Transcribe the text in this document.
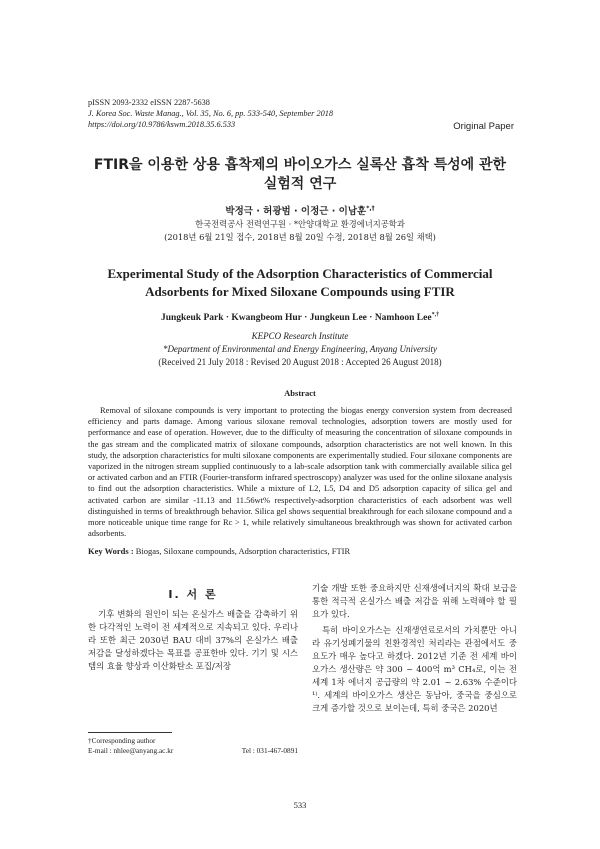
pISSN 2093-2332 eISSN 2287-5638
J. Korea Soc. Waste Manag., Vol. 35, No. 6, pp. 533-540, September 2018
https://doi.org/10.9786/kswm.2018.35.6.533	Original Paper
FTIR을 이용한 상용 흡착제의 바이오가스 실록산 흡착 특성에 관한
실험적 연구
박정극 · 허광범 · 이정근 · 이남훈*,†
한국전력공사 전력연구원 · *안양대학교 환경에너지공학과
(2018년 6월 21일 접수, 2018년 8월 20일 수정, 2018년 8월 26일 채택)
Experimental Study of the Adsorption Characteristics of Commercial
Adsorbents for Mixed Siloxane Compounds using FTIR
Jungkeuk Park · Kwangbeom Hur · Jungkeun Lee · Namhoon Lee*,†
KEPCO Research Institute
*Department of Environmental and Energy Engineering, Anyang University
(Received 21 July 2018 : Revised 20 August 2018 : Accepted 26 August 2018)
Abstract
Removal of siloxane compounds is very important to protecting the biogas energy conversion system from decreased efficiency and parts damage. Among various siloxane removal technologies, adsorption towers are mostly used for performance and ease of operation. However, due to the difficulty of measuring the concentration of siloxane compounds in the gas stream and the complicated matrix of siloxane compounds, adsorption characteristics are not well known. In this study, the adsorption characteristics for multi siloxane components are experimentally studied. Four siloxane components are vaporized in the nitrogen stream supplied continuously to a lab-scale adsorption tank with commercially available silica gel or activated carbon and an FTIR (Fourier-transform infrared spectroscopy) analyzer was used for the online siloxane analysis to find out the adsorption characteristics. While a mixture of L2, L5, D4 and D5 adsorption capacity of silica gel and activated carbon are similar -11.13 and 11.56wt% respectively-adsorption characteristics of each adsorbent was well distinguished in terms of breakthrough behavior. Silica gel shows sequential breakthrough for each siloxane compound and a more noticeable unique time range for Rc > 1, while relatively simultaneous breakthrough was shown for activated carbon adsorbents.
Key Words : Biogas, Siloxane compounds, Adsorption characteristics, FTIR
I. 서 론

기후 변화의 원인이 되는 온실가스 배출을 감축하기 위한 다각적인 노력이 전 세계적으로 지속되고 있다. 우리나라 또한 최근 2030년 BAU 대비 37%의 온실가스 배출 저감을 달성하겠다는 목표를 공표한바 있다. 기기 및 시스템의 효율 향상과 이산화탄소 포집/저장

기술 개발 또한 중요하지만 신재생에너지의 확대 보급을 통한 적극적 온실가스 배출 저감을 위해 노력해야 할 필요가 있다.

특히 바이오가스는 신재생연료로서의 가치뿐만 아니라 유기성폐기물의 친환경적인 처리라는 관점에서도 중요도가 매우 높다고 하겠다. 2012년 기준 전 세계 바이오가스 생산량은 약 300 ~ 400억 m³ CH₄로, 이는 전 세계 1차 에너지 공급량의 약 2.01 ~ 2.63% 수준이다¹⁾. 세계의 바이오가스 생산은 동남아, 중국을 중심으로 크게 증가할 것으로 보이는데, 특히 중국은 2020년

†Corresponding author
E-mail : nhlee@anyang.ac.kr	Tel : 031-467-0891
533
